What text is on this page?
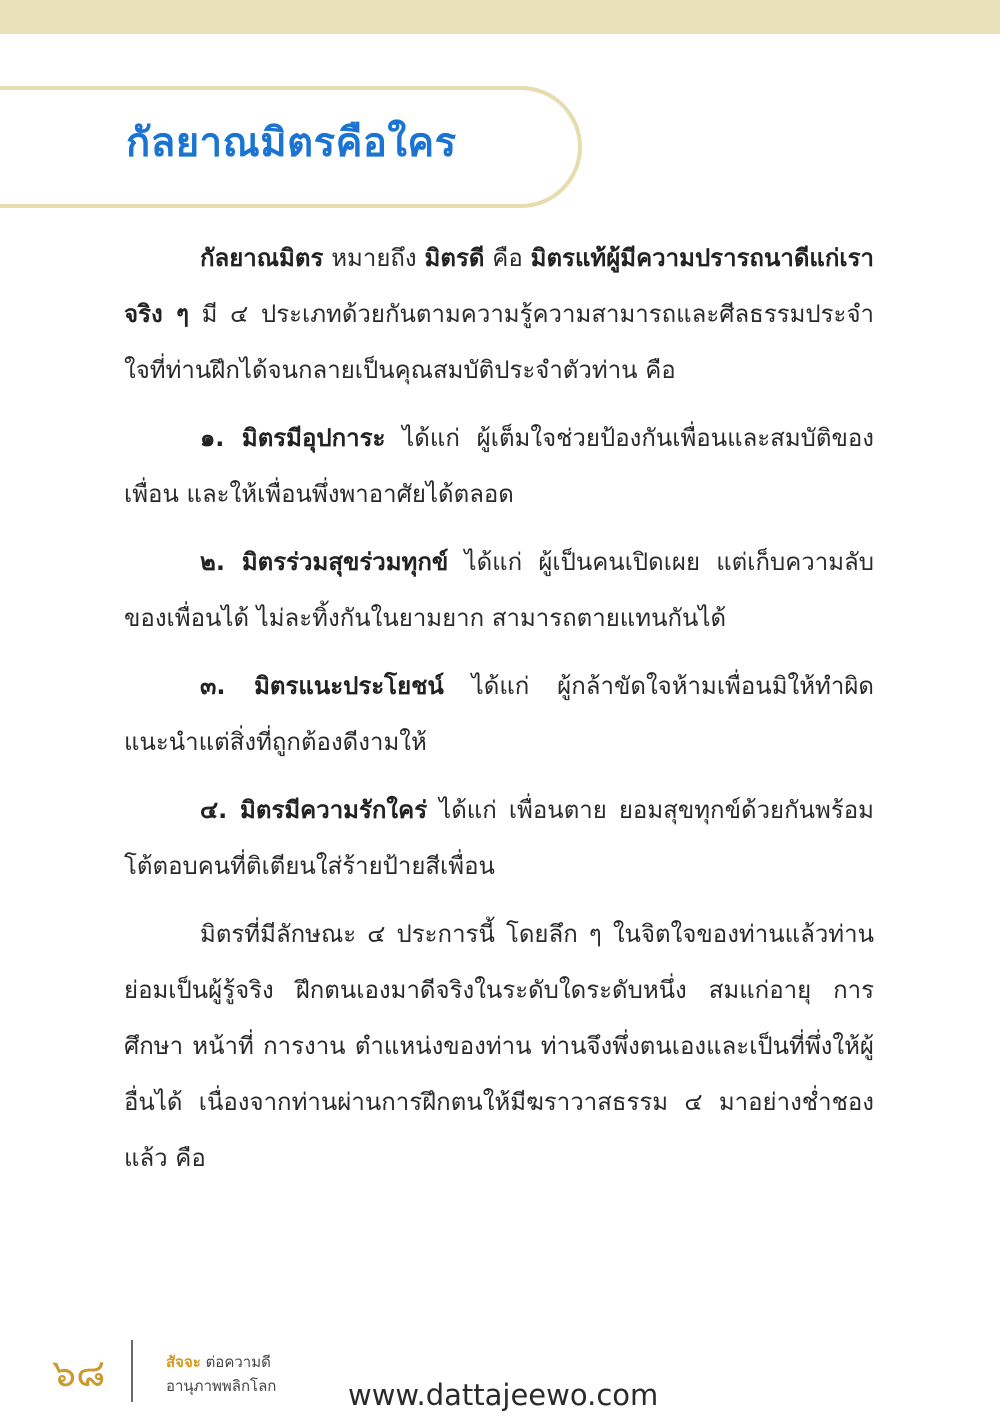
กัลยาณมิตรคือใคร

กัลยาณมิตร หมายถึง มิตรดี คือ มิตรแท้ผู้มีความปรารถนาดีแก่เราจริง ๆ มี ๔ ประเภทด้วยกันตามความรู้ความสามารถและศีลธรรมประจำใจที่ท่านฝึกได้จนกลายเป็นคุณสมบัติประจำตัวท่าน คือ

๑. มิตรมีอุปการะ ได้แก่ ผู้เต็มใจช่วยป้องกันเพื่อนและสมบัติของเพื่อน และให้เพื่อนพึ่งพาอาศัยได้ตลอด

๒. มิตรร่วมสุขร่วมทุกข์ ได้แก่ ผู้เป็นคนเปิดเผย แต่เก็บความลับของเพื่อนได้ ไม่ละทิ้งกันในยามยาก สามารถตายแทนกันได้

๓. มิตรแนะประโยชน์ ได้แก่ ผู้กล้าขัดใจห้ามเพื่อนมิให้ทำผิด แนะนำแต่สิ่งที่ถูกต้องดีงามให้

๔. มิตรมีความรักใคร่ ได้แก่ เพื่อนตาย ยอมสุขทุกข์ด้วยกันพร้อมโต้ตอบคนที่ติเตียนใส่ร้ายป้ายสีเพื่อน

มิตรที่มีลักษณะ ๔ ประการนี้ โดยลึก ๆ ในจิตใจของท่านแล้วท่านย่อมเป็นผู้รู้จริง ฝึกตนเองมาดีจริงในระดับใดระดับหนึ่ง สมแก่อายุ การศึกษา หน้าที่ การงาน ตำแหน่งของท่าน ท่านจึงพึ่งตนเองและเป็นที่พึ่งให้ผู้อื่นได้ เนื่องจากท่านผ่านการฝึกตนให้มีฆราวาสธรรม ๔ มาอย่างช่ำชองแล้ว คือ

๖๘	สัจจะ ต่อความดี
อานุภาพพลิกโลก www.dattajeewo.com
